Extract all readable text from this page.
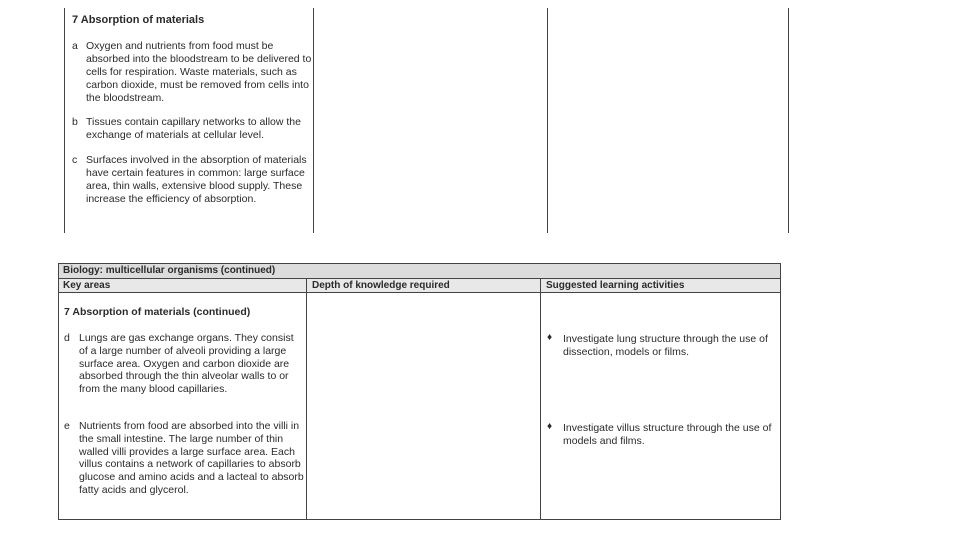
7 Absorption of materials
a Oxygen and nutrients from food must be absorbed into the bloodstream to be delivered to cells for respiration. Waste materials, such as carbon dioxide, must be removed from cells into the bloodstream.
b Tissues contain capillary networks to allow the exchange of materials at cellular level.
c Surfaces involved in the absorption of materials have certain features in common: large surface area, thin walls, extensive blood supply. These increase the efficiency of absorption.
Biology: multicellular organisms (continued)
Key areas	Depth of knowledge required	Suggested learning activities
7 Absorption of materials (continued)
d Lungs are gas exchange organs. They consist of a large number of alveoli providing a large surface area. Oxygen and carbon dioxide are absorbed through the thin alveolar walls to or from the many blood capillaries.
e Nutrients from food are absorbed into the villi in the small intestine. The large number of thin walled villi provides a large surface area. Each villus contains a network of capillaries to absorb glucose and amino acids and a lacteal to absorb fatty acids and glycerol.
♦ Investigate lung structure through the use of dissection, models or films.
♦ Investigate villus structure through the use of models and films.
